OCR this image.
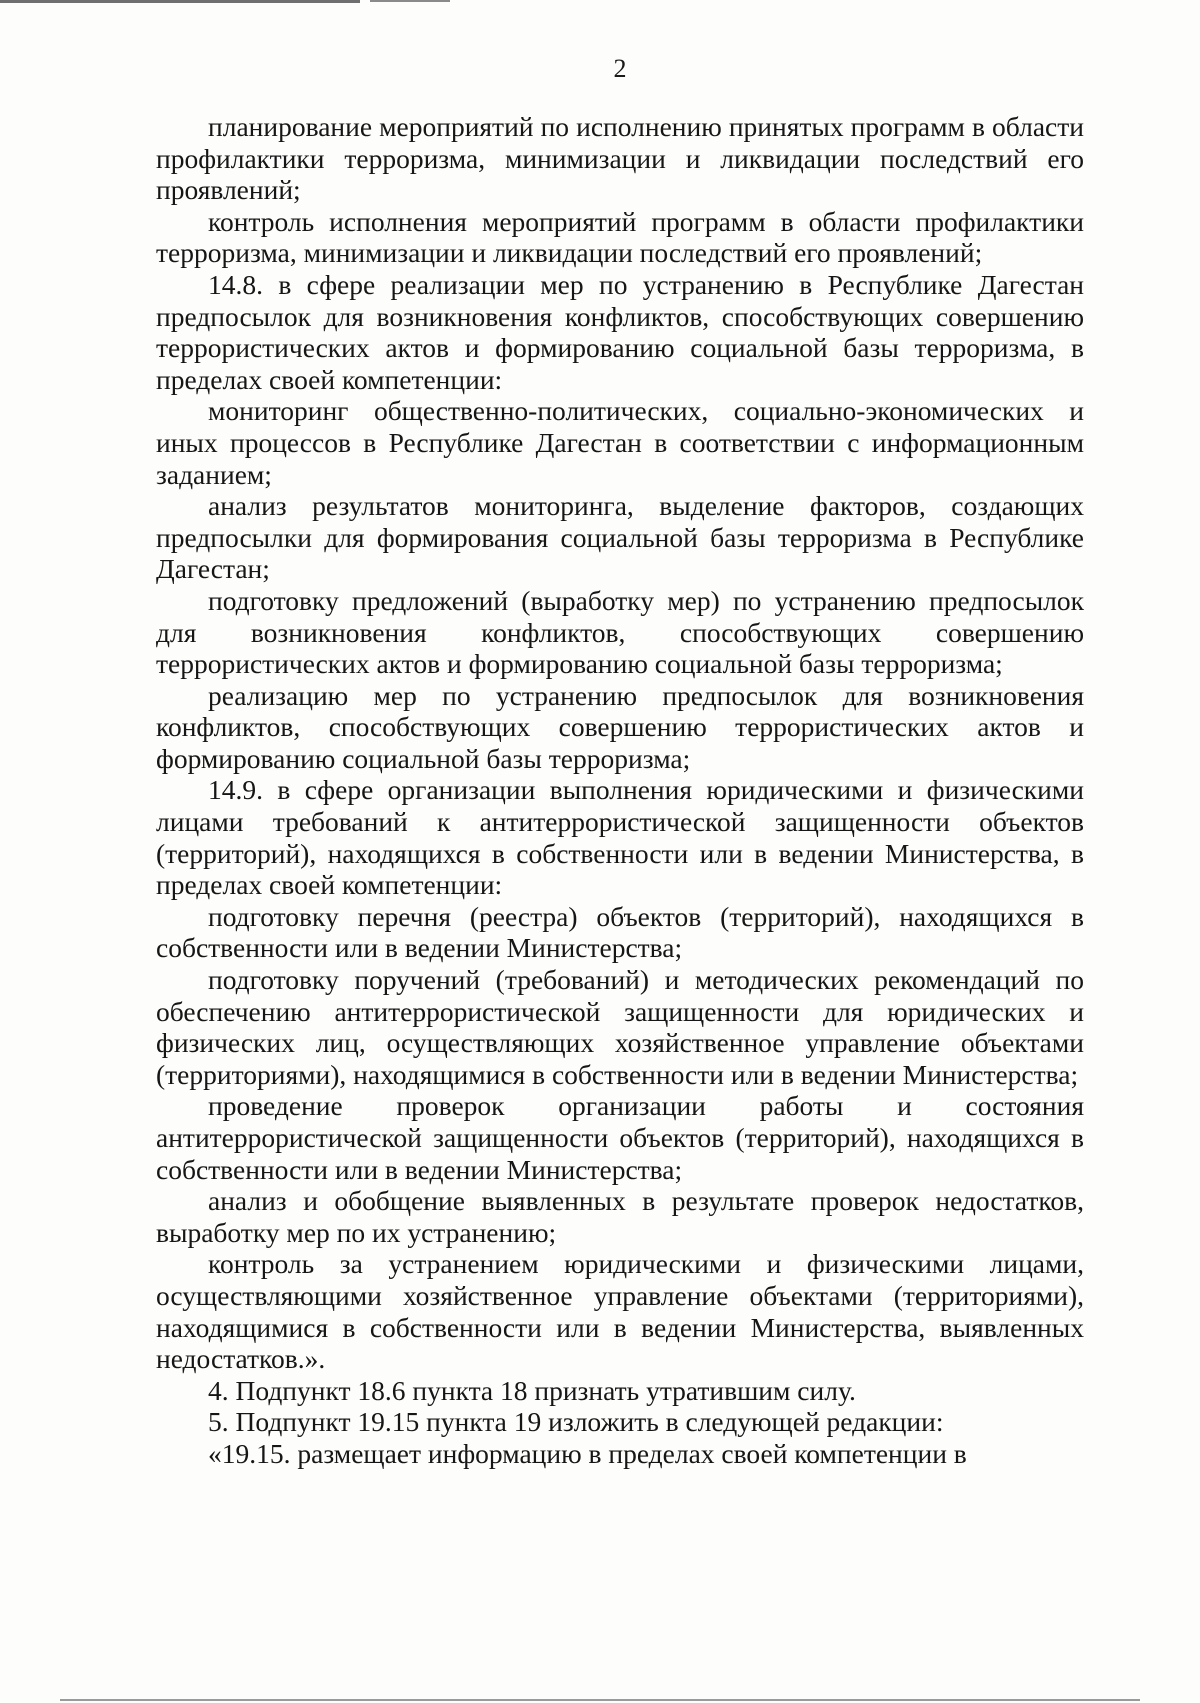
2

планирование мероприятий по исполнению принятых программ в области профилактики терроризма, минимизации и ликвидации последствий его проявлений;

контроль исполнения мероприятий программ в области профилактики терроризма, минимизации и ликвидации последствий его проявлений;

14.8. в сфере реализации мер по устранению в Республике Дагестан предпосылок для возникновения конфликтов, способствующих совершению террористических актов и формированию социальной базы терроризма, в пределах своей компетенции:

мониторинг общественно-политических, социально-экономических и иных процессов в Республике Дагестан в соответствии с информационным заданием;

анализ результатов мониторинга, выделение факторов, создающих предпосылки для формирования социальной базы терроризма в Республике Дагестан;

подготовку предложений (выработку мер) по устранению предпосылок для возникновения конфликтов, способствующих совершению террористических актов и формированию социальной базы терроризма;

реализацию мер по устранению предпосылок для возникновения конфликтов, способствующих совершению террористических актов и формированию социальной базы терроризма;

14.9. в сфере организации выполнения юридическими и физическими лицами требований к антитеррористической защищенности объектов (территорий), находящихся в собственности или в ведении Министерства, в пределах своей компетенции:

подготовку перечня (реестра) объектов (территорий), находящихся в собственности или в ведении Министерства;

подготовку поручений (требований) и методических рекомендаций по обеспечению антитеррористической защищенности для юридических и физических лиц, осуществляющих хозяйственное управление объектами (территориями), находящимися в собственности или в ведении Министерства;

проведение проверок организации работы и состояния антитеррористической защищенности объектов (территорий), находящихся в собственности или в ведении Министерства;

анализ и обобщение выявленных в результате проверок недостатков, выработку мер по их устранению;

контроль за устранением юридическими и физическими лицами, осуществляющими хозяйственное управление объектами (территориями), находящимися в собственности или в ведении Министерства, выявленных недостатков.».

4. Подпункт 18.6 пункта 18 признать утратившим силу.

5. Подпункт 19.15 пункта 19 изложить в следующей редакции:

«19.15. размещает информацию в пределах своей компетенции в
